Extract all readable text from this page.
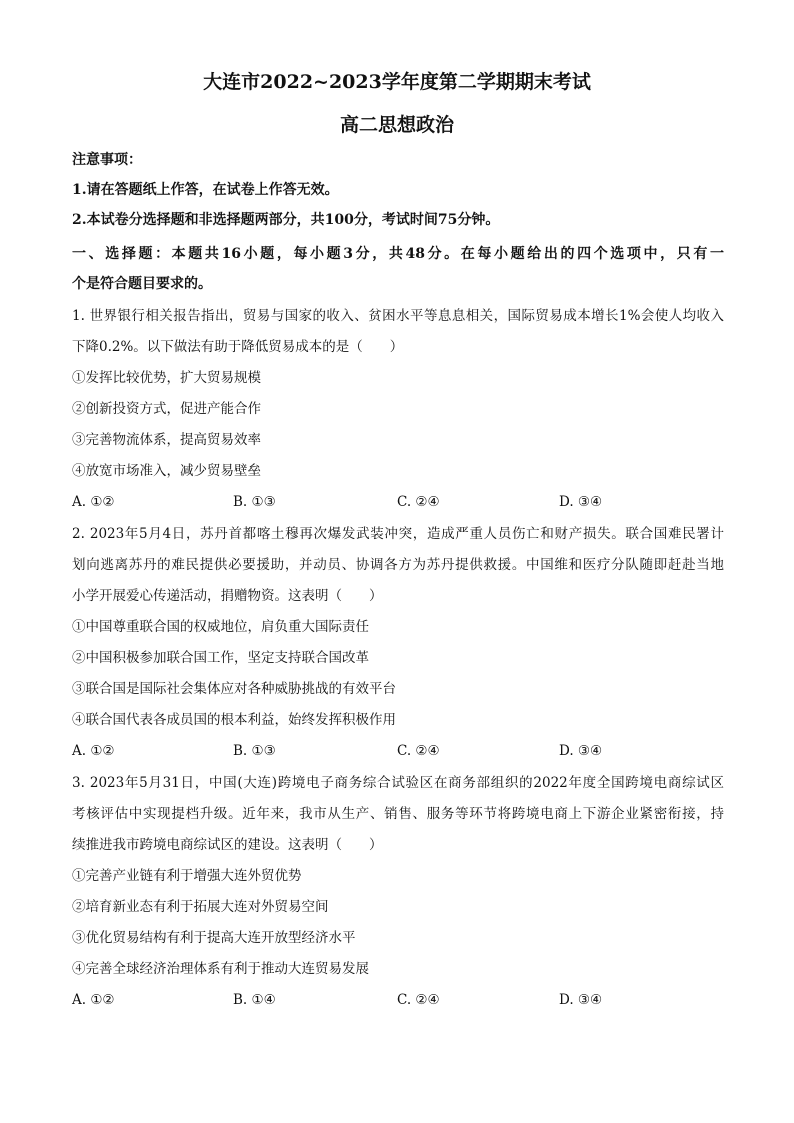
大连市2022~2023学年度第二学期期末考试
高二思想政治
注意事项：
1.请在答题纸上作答，在试卷上作答无效。
2.本试卷分选择题和非选择题两部分，共100分，考试时间75分钟。
一、选择题：本题共16小题，每小题3分，共48分。在每小题给出的四个选项中，只有一
个是符合题目要求的。
1. 世界银行相关报告指出，贸易与国家的收入、贫困水平等息息相关，国际贸易成本增长1%会使人均收入
下降0.2%。以下做法有助于降低贸易成本的是（　　）
①发挥比较优势，扩大贸易规模
②创新投资方式，促进产能合作
③完善物流体系，提高贸易效率
④放宽市场准入，减少贸易壁垒
A. ①②	B. ①③	C. ②④	D. ③④
2. 2023年5月4日，苏丹首都喀土穆再次爆发武装冲突，造成严重人员伤亡和财产损失。联合国难民署计
划向逃离苏丹的难民提供必要援助，并动员、协调各方为苏丹提供救援。中国维和医疗分队随即赶赴当地
小学开展爱心传递活动，捐赠物资。这表明（　　）
①中国尊重联合国的权威地位，肩负重大国际责任
②中国积极参加联合国工作，坚定支持联合国改革
③联合国是国际社会集体应对各种威胁挑战的有效平台
④联合国代表各成员国的根本利益，始终发挥积极作用
A. ①②	B. ①③	C. ②④	D. ③④
3. 2023年5月31日，中国(大连)跨境电子商务综合试验区在商务部组织的2022年度全国跨境电商综试区
考核评估中实现提档升级。近年来，我市从生产、销售、服务等环节将跨境电商上下游企业紧密衔接，持
续推进我市跨境电商综试区的建设。这表明（　　）
①完善产业链有利于增强大连外贸优势
②培育新业态有利于拓展大连对外贸易空间
③优化贸易结构有利于提高大连开放型经济水平
④完善全球经济治理体系有利于推动大连贸易发展
A. ①②	B. ①④	C. ②④	D. ③④
